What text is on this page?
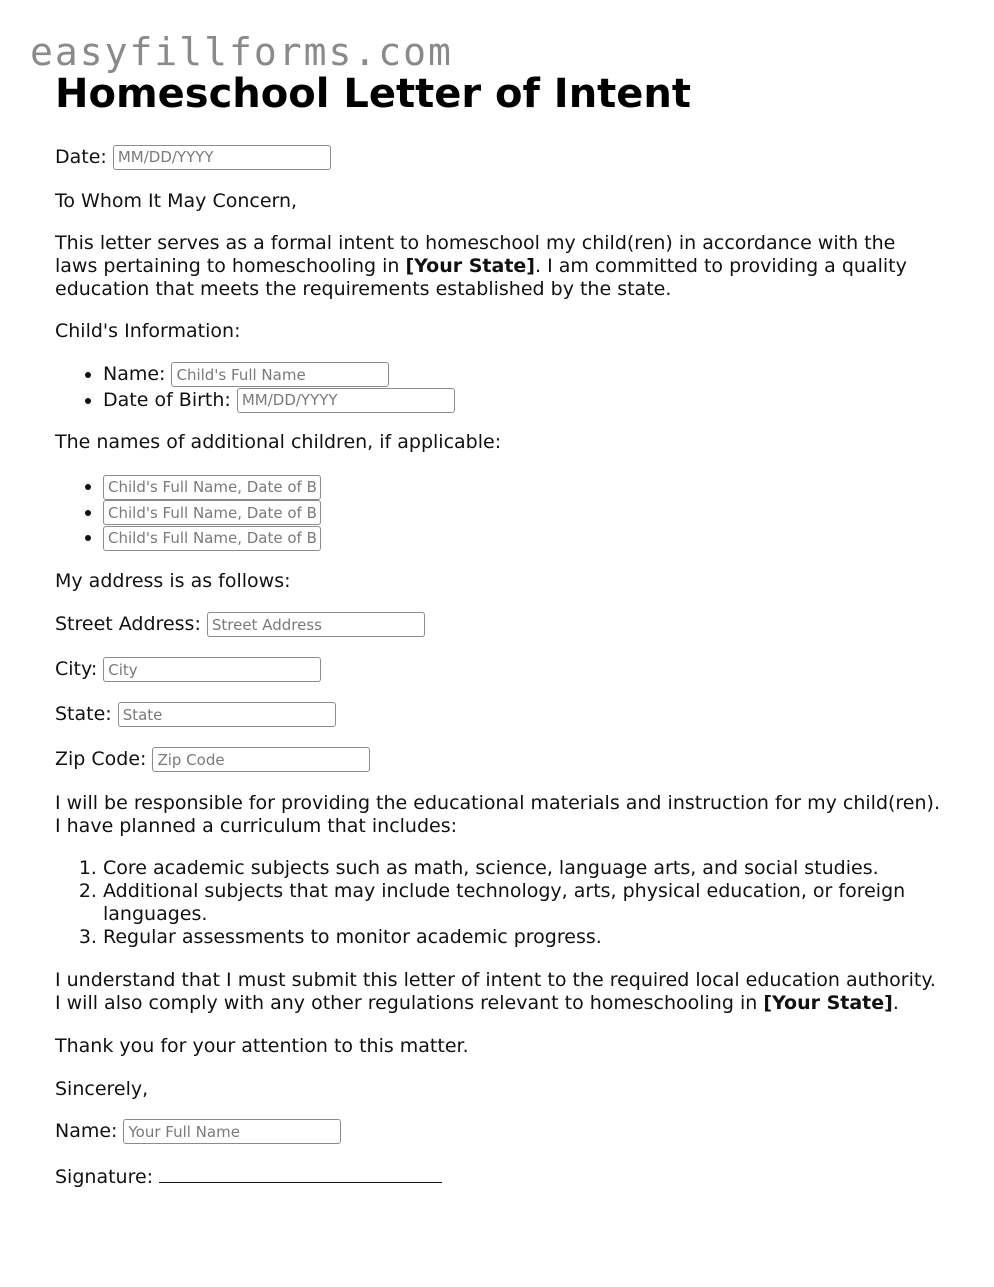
easyfillforms.com
Homeschool Letter of Intent
Date:
MM/DD/YYYY

To Whom It May Concern,

This letter serves as a formal intent to homeschool my child(ren) in accordance with the laws pertaining to homeschooling in [Your State]. I am committed to providing a quality education that meets the requirements established by the state.

Child's Information:

• Name:
Child's Full Name
• Date of Birth:
MM/DD/YYYY

The names of additional children, if applicable:

•
Child's Full Name, Date of Birth
•
Child's Full Name, Date of Birth
•
Child's Full Name, Date of Birth

My address is as follows:

Street Address:
Street Address
City:
City
State:
State
Zip Code:
Zip Code

I will be responsible for providing the educational materials and instruction for my child(ren). I have planned a curriculum that includes:

1. Core academic subjects such as math, science, language arts, and social studies.
2. Additional subjects that may include technology, arts, physical education, or foreign languages.
3. Regular assessments to monitor academic progress.

I understand that I must submit this letter of intent to the required local education authority. I will also comply with any other regulations relevant to homeschooling in [Your State].

Thank you for your attention to this matter.

Sincerely,

Name:
Your Full Name

Signature:
